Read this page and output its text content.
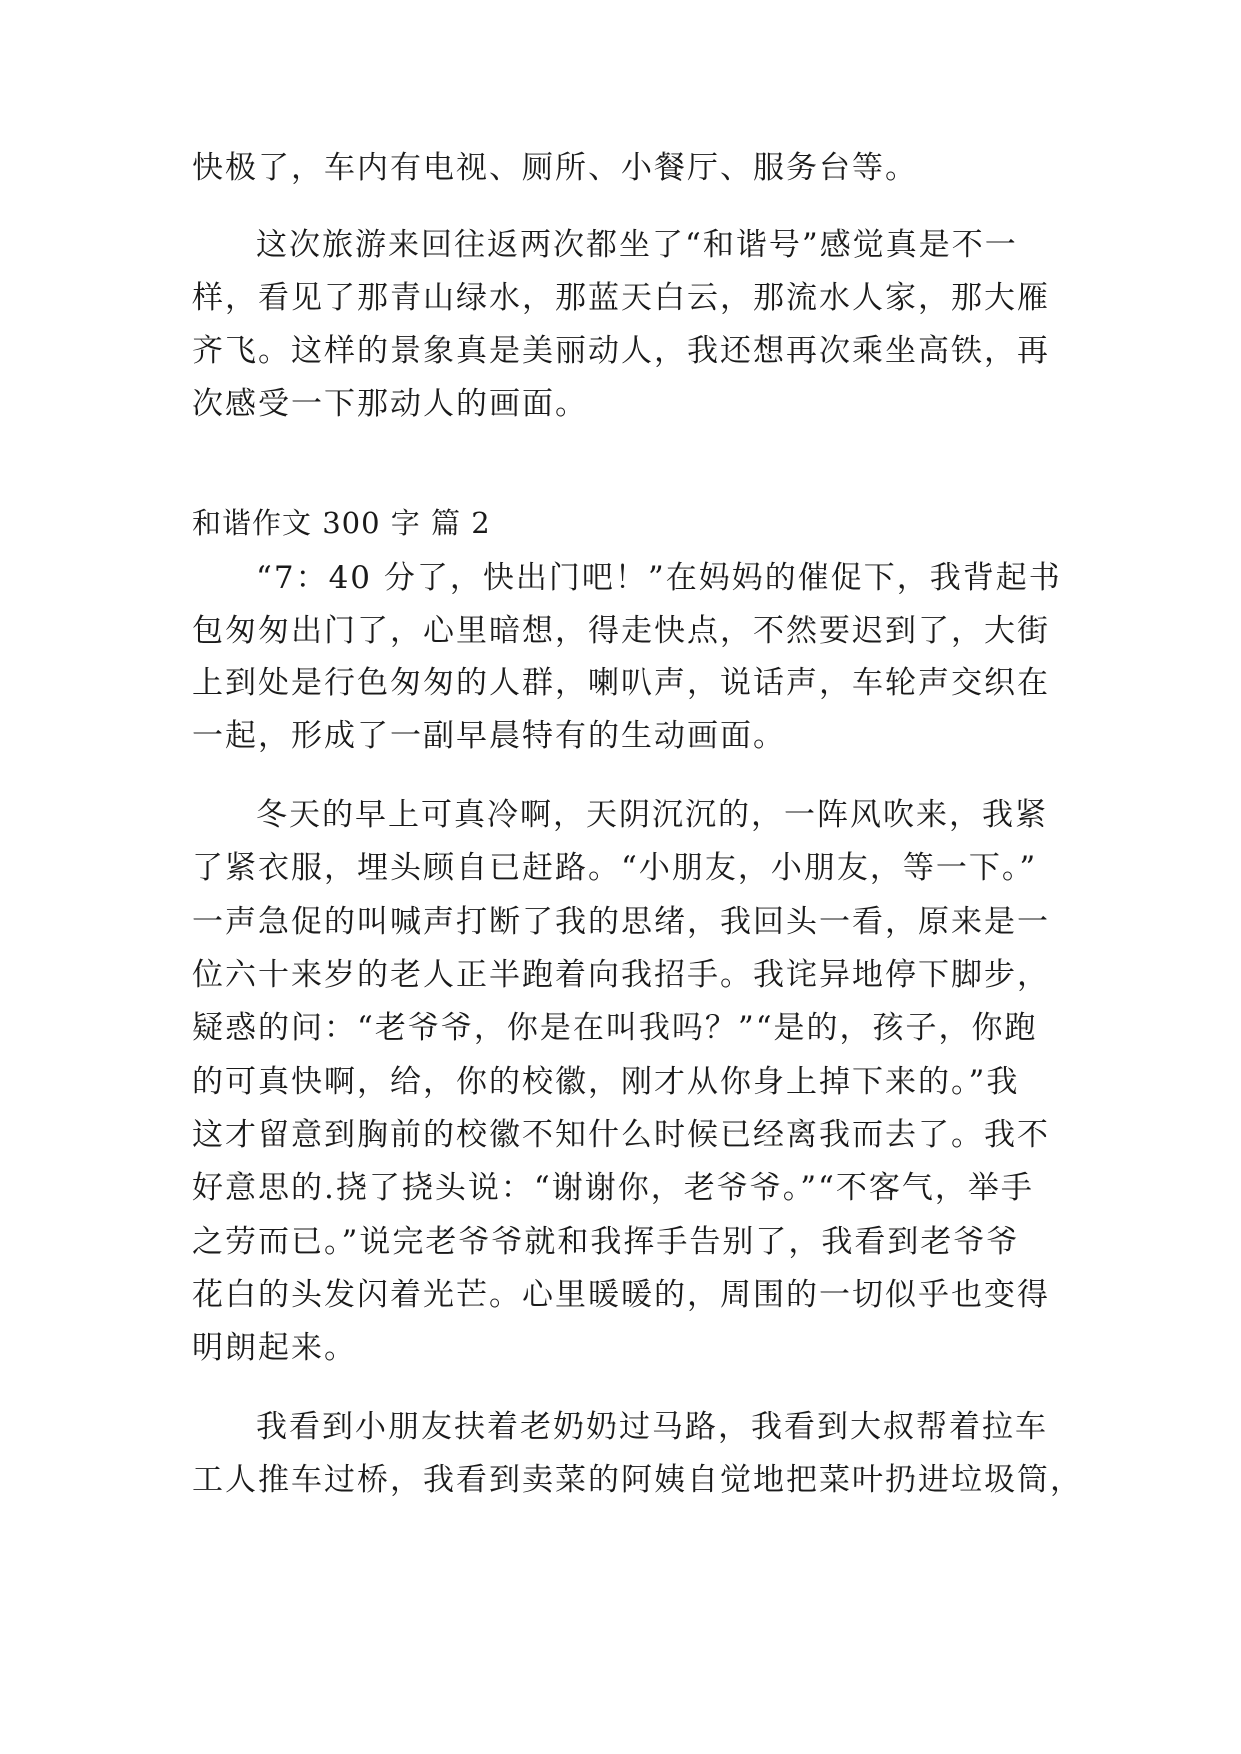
快极了，车内有电视、厕所、小餐厅、服务台等。
这次旅游来回往返两次都坐了“和谐号”感觉真是不一
样，看见了那青山绿水，那蓝天白云，那流水人家，那大雁
齐飞。这样的景象真是美丽动人，我还想再次乘坐高铁，再
次感受一下那动人的画面。
和谐作文 300 字 篇 2
“7：40 分了，快出门吧！”在妈妈的催促下，我背起书
包匆匆出门了，心里暗想，得走快点，不然要迟到了，大街
上到处是行色匆匆的人群，喇叭声，说话声，车轮声交织在
一起，形成了一副早晨特有的生动画面。
冬天的早上可真冷啊，天阴沉沉的，一阵风吹来，我紧
了紧衣服，埋头顾自已赶路。“小朋友，小朋友，等一下。”
一声急促的叫喊声打断了我的思绪，我回头一看，原来是一
位六十来岁的老人正半跑着向我招手。我诧异地停下脚步，
疑惑的问：“老爷爷，你是在叫我吗？”“是的，孩子，你跑
的可真快啊，给，你的校徽，刚才从你身上掉下来的。”我
这才留意到胸前的校徽不知什么时候已经离我而去了。我不
好意思的.挠了挠头说：“谢谢你，老爷爷。”“不客气，举手
之劳而已。”说完老爷爷就和我挥手告别了，我看到老爷爷
花白的头发闪着光芒。心里暖暖的，周围的一切似乎也变得
明朗起来。
我看到小朋友扶着老奶奶过马路，我看到大叔帮着拉车
工人推车过桥，我看到卖菜的阿姨自觉地把菜叶扔进垃圾筒，
